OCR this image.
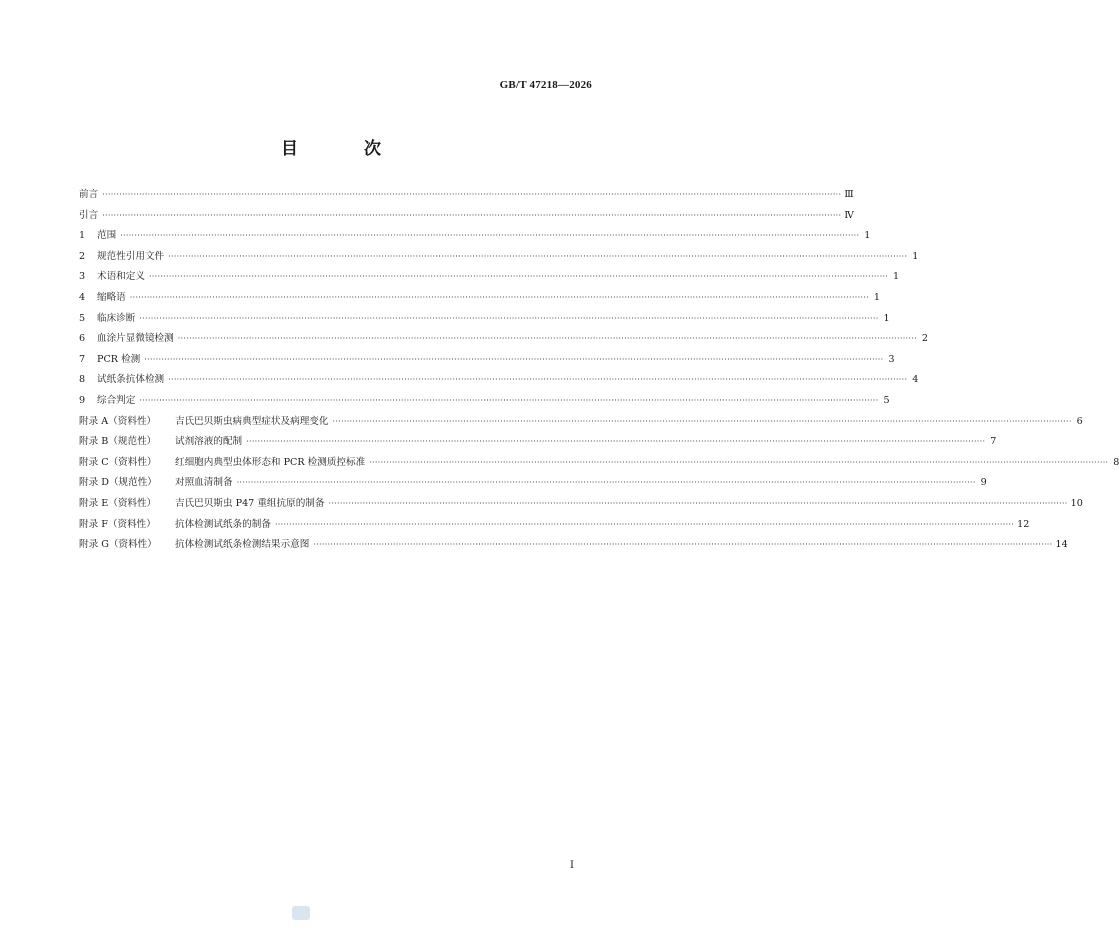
GB/T 47218—2026
目 次
前言 ···································································································································································································································································· Ⅲ
引言 ···································································································································································································································································· Ⅳ
1	范围 ···································································································································································································································································· 1
2	规范性引用文件 ···································································································································································································································································· 1
3	术语和定义 ···································································································································································································································································· 1
4	缩略语 ···································································································································································································································································· 1
5	临床诊断 ···································································································································································································································································· 1
6	血涂片显微镜检测 ···································································································································································································································································· 2
7	PCR 检测 ···································································································································································································································································· 3
8	试纸条抗体检测 ···································································································································································································································································· 4
9	综合判定 ···································································································································································································································································· 5
附录 A（资料性）	吉氏巴贝斯虫病典型症状及病理变化 ···································································································································································································································································· 6
附录 B（规范性）	试剂溶液的配制 ···································································································································································································································································· 7
附录 C（资料性）	红细胞内典型虫体形态和 PCR 检测质控标准 ···································································································································································································································································· 8
附录 D（规范性）	对照血清制备 ···································································································································································································································································· 9
附录 E（资料性）	吉氏巴贝斯虫 P47 重组抗原的制备 ···································································································································································································································································· 10
附录 F（资料性）	抗体检测试纸条的制备 ···································································································································································································································································· 12
附录 G（资料性）	抗体检测试纸条检测结果示意图 ···································································································································································································································································· 14
I
